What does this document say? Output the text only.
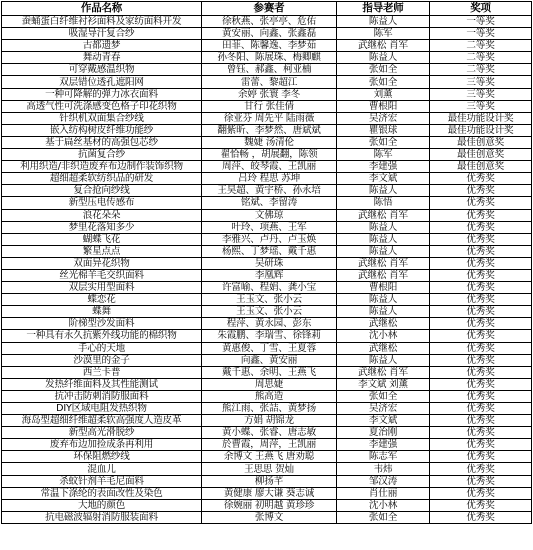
作品名称	参赛者	指导老师	奖项
蚕蛹蛋白纤维衬衫面料及家纺面料开发	徐秋燕、张亭亭、危佑	陈益人	一等奖
吸湿导汗复合纱	黄安丽、向鑫、张鑫磊	陈军	一等奖
古都遗梦	田菲、陈馨逸、李梦茹	武继松 肖军	二等奖
舞动青春	孙冬阳、陈展珠、梅卿麒	陈益人	二等奖
可穿戴感温织物	曾钰、郝鑫、柯亚楠	张如全	二等奖
双层错位透孔遮阳网	雷蕾、黎超江	张如全	三等奖
一种可降解的弹力冰衣面料	余婷 张寰 李冬	刘薰	三等奖
高透气性可洗涤感变色格子印花织物	甘行 张佳倩	曹根阳	三等奖
针织机双面集合纱线	徐亚芬 周先平 陆雨薇	吴济宏	最佳功能设计奖
嵌入纺构树皮纤维功能纱	翻紫昕、李梦然、唐斌斌	瞿银球	最佳功能设计奖
基于扁丝基材的高强包芯纱	魏婕 汤清伦	张如全	最佳创意奖
抗菌复合纱	翟恰畅 ，胡展翻，陈领	陈军	最佳创意奖
利用织造/非织造废弃布边制作装饰织物	周萍、皎琴霞、王凯丽	李建强	最佳创意奖
超细超柔软纺织品的研发	吕玲 程思 苏坤	李文斌	优秀奖
复合抢向纱线	王昊超、黄宇桥、孙永培	陈益人	优秀奖
新型压电传感布	铭斌、李留涛	陈悟	优秀奖
浪花朵朵	文佛琼	武继松 肖军	优秀奖
梦里花落知多少	叶玲、项燕、王军	陈益人	优秀奖
蝴蝶飞花	李雅兴、卢丹、卢玉焕	陈益人	优秀奖
繁星点点	杨熙、丁梦瑶、戴千惠	陈益人	优秀奖
双面异花织物	吴研珠	武继松 肖军	优秀奖
丝光棉羊毛交织面料	李凰辉	武继松 肖军	优秀奖
双层实用型面料	许富喻、程娟、龚小宝	曹根阳	优秀奖
蝶恋花	王玉文、张小云	陈益人	优秀奖
蝶舞	王玉文、张小云	陈益人	优秀奖
阶梯型沙发面料	程萍、黄永园、彭东	武继松	优秀奖
一种具有永久抗紫外线功能的棉织物	朱霞鹏、李瑞雪、徐锋莉	沈小林	优秀奖
手心的天地	黄惠俊、丁雪、王夏蓉	武继松	优秀奖
沙漠里的金子	向鑫、黄安丽	陈益人	优秀奖
西兰卡普	戴千惠、余明、王燕飞	武继松 肖军	优秀奖
发热纤维面料及其性能测试	周思婕	李文斌 刘薰	优秀奖
抗冲击防刺消防服面料	熊高造	张如全	优秀奖
DIY区域电阻发热织物	熊江雨、张詰、黄梦扬	吴济宏	优秀奖
海岛型超细纤维超柔软高强度人造皮革	方娟 胡锦龙	李文斌	优秀奖
新型高光滑脱纱	黄小蝶、张睿、唐志敏	夏治刚	优秀奖
废弃布边加捡成条再利用	於曹霞，周萍，王凯丽	李建强	优秀奖
环保阻燃纱线	余博文 王燕飞 唐劝聪	陈志军	优秀奖
混血儿	王思思 贺灿	韦炜	优秀奖
杀蚊针剂羊毛尼面料	柳扬芊	邹汉涛	优秀奖
常温下涤纶的表面改性及染色	黄健康 廖大谦 葵志诚	肖仕丽	优秀奖
大地的颜色	徐婉丽 初明越 黄珍珍	沈小林	优秀奖
抗电磁波辐射消防服装面料	张博文	张如全	优秀奖
